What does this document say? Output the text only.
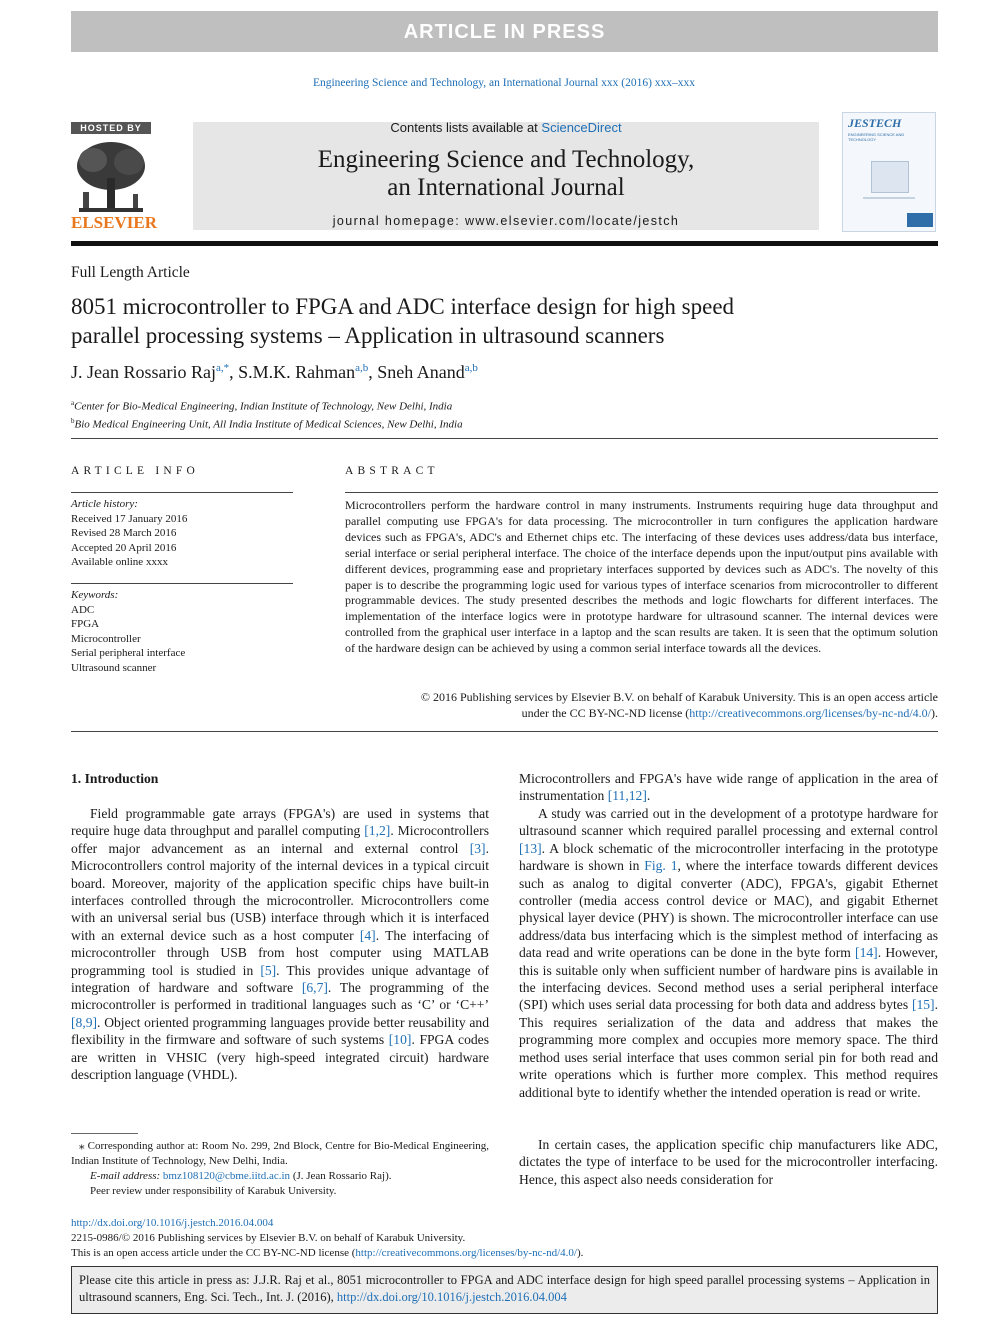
ARTICLE IN PRESS
Engineering Science and Technology, an International Journal xxx (2016) xxx–xxx
HOSTED BY
ELSEVIER
Contents lists available at ScienceDirect
Engineering Science and Technology,
an International Journal
journal homepage: www.elsevier.com/locate/jestch
JESTECH
ENGINEERING SCIENCE AND TECHNOLOGY
Full Length Article
8051 microcontroller to FPGA and ADC interface design for high speed
parallel processing systems – Application in ultrasound scanners
J. Jean Rossario Raj$^{a,*}$, S.M.K. Rahman$^{a,b}$, Sneh Anand$^{a,b}$
$^a$Center for Bio-Medical Engineering, Indian Institute of Technology, New Delhi, India
$^b$Bio Medical Engineering Unit, All India Institute of Medical Sciences, New Delhi, India
ARTICLE INFO
Article history:
Received 17 January 2016
Revised 28 March 2016
Accepted 20 April 2016
Available online xxxx
Keywords:
ADC
FPGA
Microcontroller
Serial peripheral interface
Ultrasound scanner
ABSTRACT
Microcontrollers perform the hardware control in many instruments. Instruments requiring huge data throughput and parallel computing use FPGA's for data processing. The microcontroller in turn configures the application hardware devices such as FPGA's, ADC's and Ethernet chips etc. The interfacing of these devices uses address/data bus interface, serial interface or serial peripheral interface. The choice of the interface depends upon the input/output pins available with different devices, programming ease and proprietary interfaces supported by devices such as ADC's. The novelty of this paper is to describe the programming logic used for various types of interface scenarios from microcontroller to different programmable devices. The study presented describes the methods and logic flowcharts for different interfaces. The implementation of the interface logics were in prototype hardware for ultrasound scanner. The internal devices were controlled from the graphical user interface in a laptop and the scan results are taken. It is seen that the optimum solution of the hardware design can be achieved by using a common serial interface towards all the devices.
© 2016 Publishing services by Elsevier B.V. on behalf of Karabuk University. This is an open access article
under the CC BY-NC-ND license (http://creativecommons.org/licenses/by-nc-nd/4.0/).
1. Introduction
Field programmable gate arrays (FPGA's) are used in systems that require huge data throughput and parallel computing [1,2]. Microcontrollers offer major advancement as an internal and external control [3]. Microcontrollers control majority of the internal devices in a typical circuit board. Moreover, majority of the application specific chips have built-in interfaces controlled through the microcontroller. Microcontrollers come with an universal serial bus (USB) interface through which it is interfaced with an external device such as a host computer [4]. The interfacing of microcontroller through USB from host computer using MATLAB programming tool is studied in [5]. This provides unique advantage of integration of hardware and software [6,7]. The programming of the microcontroller is performed in traditional languages such as ‘C’ or ‘C++’ [8,9]. Object oriented programming languages provide better reusability and flexibility in the firmware and software of such systems [10]. FPGA codes are written in VHSIC (very high-speed integrated circuit) hardware description language (VHDL).
Microcontrollers and FPGA's have wide range of application in the area of instrumentation [11,12].
A study was carried out in the development of a prototype hardware for ultrasound scanner which required parallel processing and external control [13]. A block schematic of the microcontroller interfacing in the prototype hardware is shown in Fig. 1, where the interface towards different devices such as analog to digital converter (ADC), FPGA's, gigabit Ethernet controller (media access control device or MAC), and gigabit Ethernet physical layer device (PHY) is shown. The microcontroller interface can use address/data bus interfacing which is the simplest method of interfacing as data read and write operations can be done in the byte form [14]. However, this is suitable only when sufficient number of hardware pins is available in the interfacing devices. Second method uses a serial peripheral interface (SPI) which uses serial data processing for both data and address bytes [15]. This requires serialization of the data and address that makes the programming more complex and occupies more memory space. The third method uses serial interface that uses common serial pin for both read and write operations which is further more complex. This method requires additional byte to identify whether the intended operation is read or write.
In certain cases, the application specific chip manufacturers like ADC, dictates the type of interface to be used for the microcontroller interfacing. Hence, this aspect also needs consideration for
⁎ Corresponding author at: Room No. 299, 2nd Block, Centre for Bio-Medical Engineering, Indian Institute of Technology, New Delhi, India.
E-mail address: bmz108120@cbme.iitd.ac.in (J. Jean Rossario Raj).
Peer review under responsibility of Karabuk University.
http://dx.doi.org/10.1016/j.jestch.2016.04.004
2215-0986/© 2016 Publishing services by Elsevier B.V. on behalf of Karabuk University.
This is an open access article under the CC BY-NC-ND license (http://creativecommons.org/licenses/by-nc-nd/4.0/).
Please cite this article in press as: J.J.R. Raj et al., 8051 microcontroller to FPGA and ADC interface design for high speed parallel processing systems – Application in ultrasound scanners, Eng. Sci. Tech., Int. J. (2016), http://dx.doi.org/10.1016/j.jestch.2016.04.004
